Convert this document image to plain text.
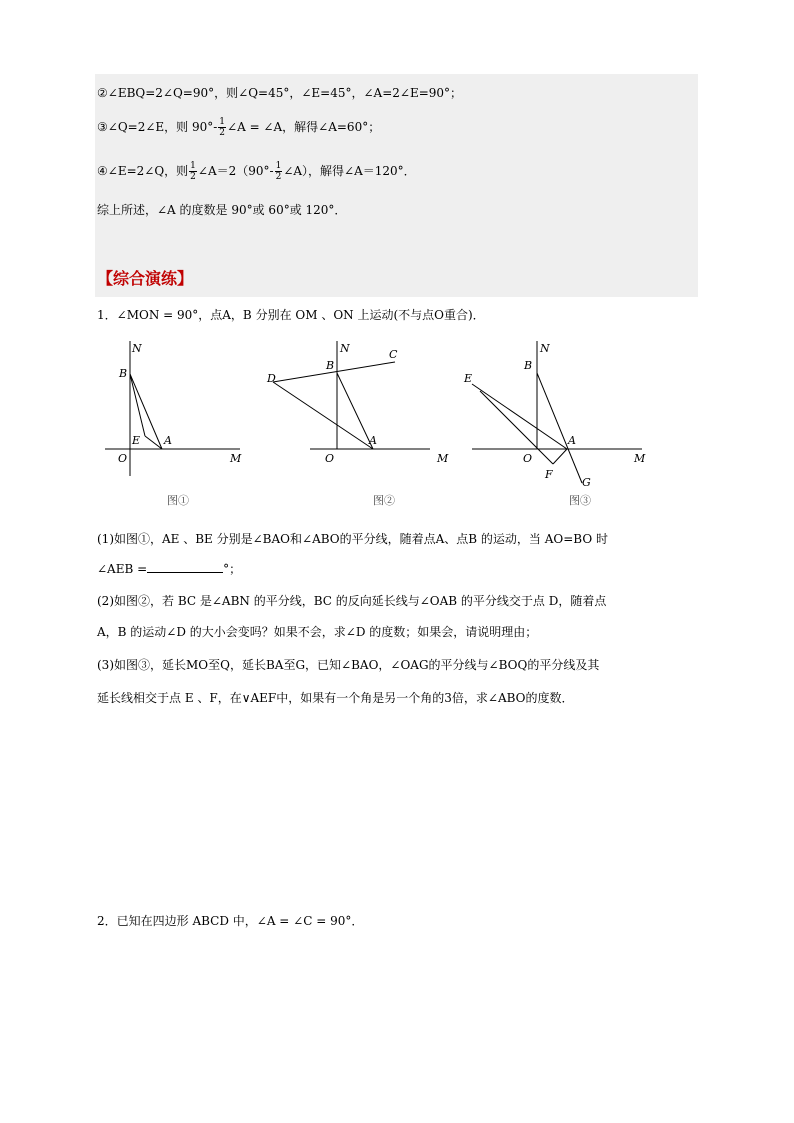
②∠EBQ=2∠Q=90°，则∠Q=45°，∠E=45°，∠A=2∠E=90°；
③∠Q=2∠E，则 $90^\circ- \frac{1}{2}$ ∠A = ∠A，解得∠A=60°；
④∠E=2∠Q，则 $\frac{1}{2}$ ∠A＝2（90°- $\frac{1}{2}$ ∠A），解得∠A＝120°．
综上所述，∠A 的度数是 90°或 60°或 120°．
【综合演练】
1．∠MON = 90°，点A，B 分别在 OM 、ON 上运动(不与点O重合)．
N
B
E A
O	M
图①
N	C
B
D
A
O	M
图②
N
B
E
A
O	M
F
G
图③
(1)如图①，AE 、BE 分别是∠BAO和∠ABO的平分线，随着点A、点B 的运动，当 AO=BO 时
∠AEB =	°；
(2)如图②，若 BC 是∠ABN 的平分线，BC 的反向延长线与∠OAB 的平分线交于点 D，随着点
A，B 的运动∠D 的大小会变吗？如果不会，求∠D 的度数；如果会，请说明理由；
(3)如图③，延长MO至Q，延长BA至G，已知∠BAO，∠OAG的平分线与∠BOQ的平分线及其
延长线相交于点 E 、F，在∨AEF中，如果有一个角是另一个角的3倍，求∠ABO的度数．
2．已知在四边形 ABCD 中，∠A = ∠C = 90°．
